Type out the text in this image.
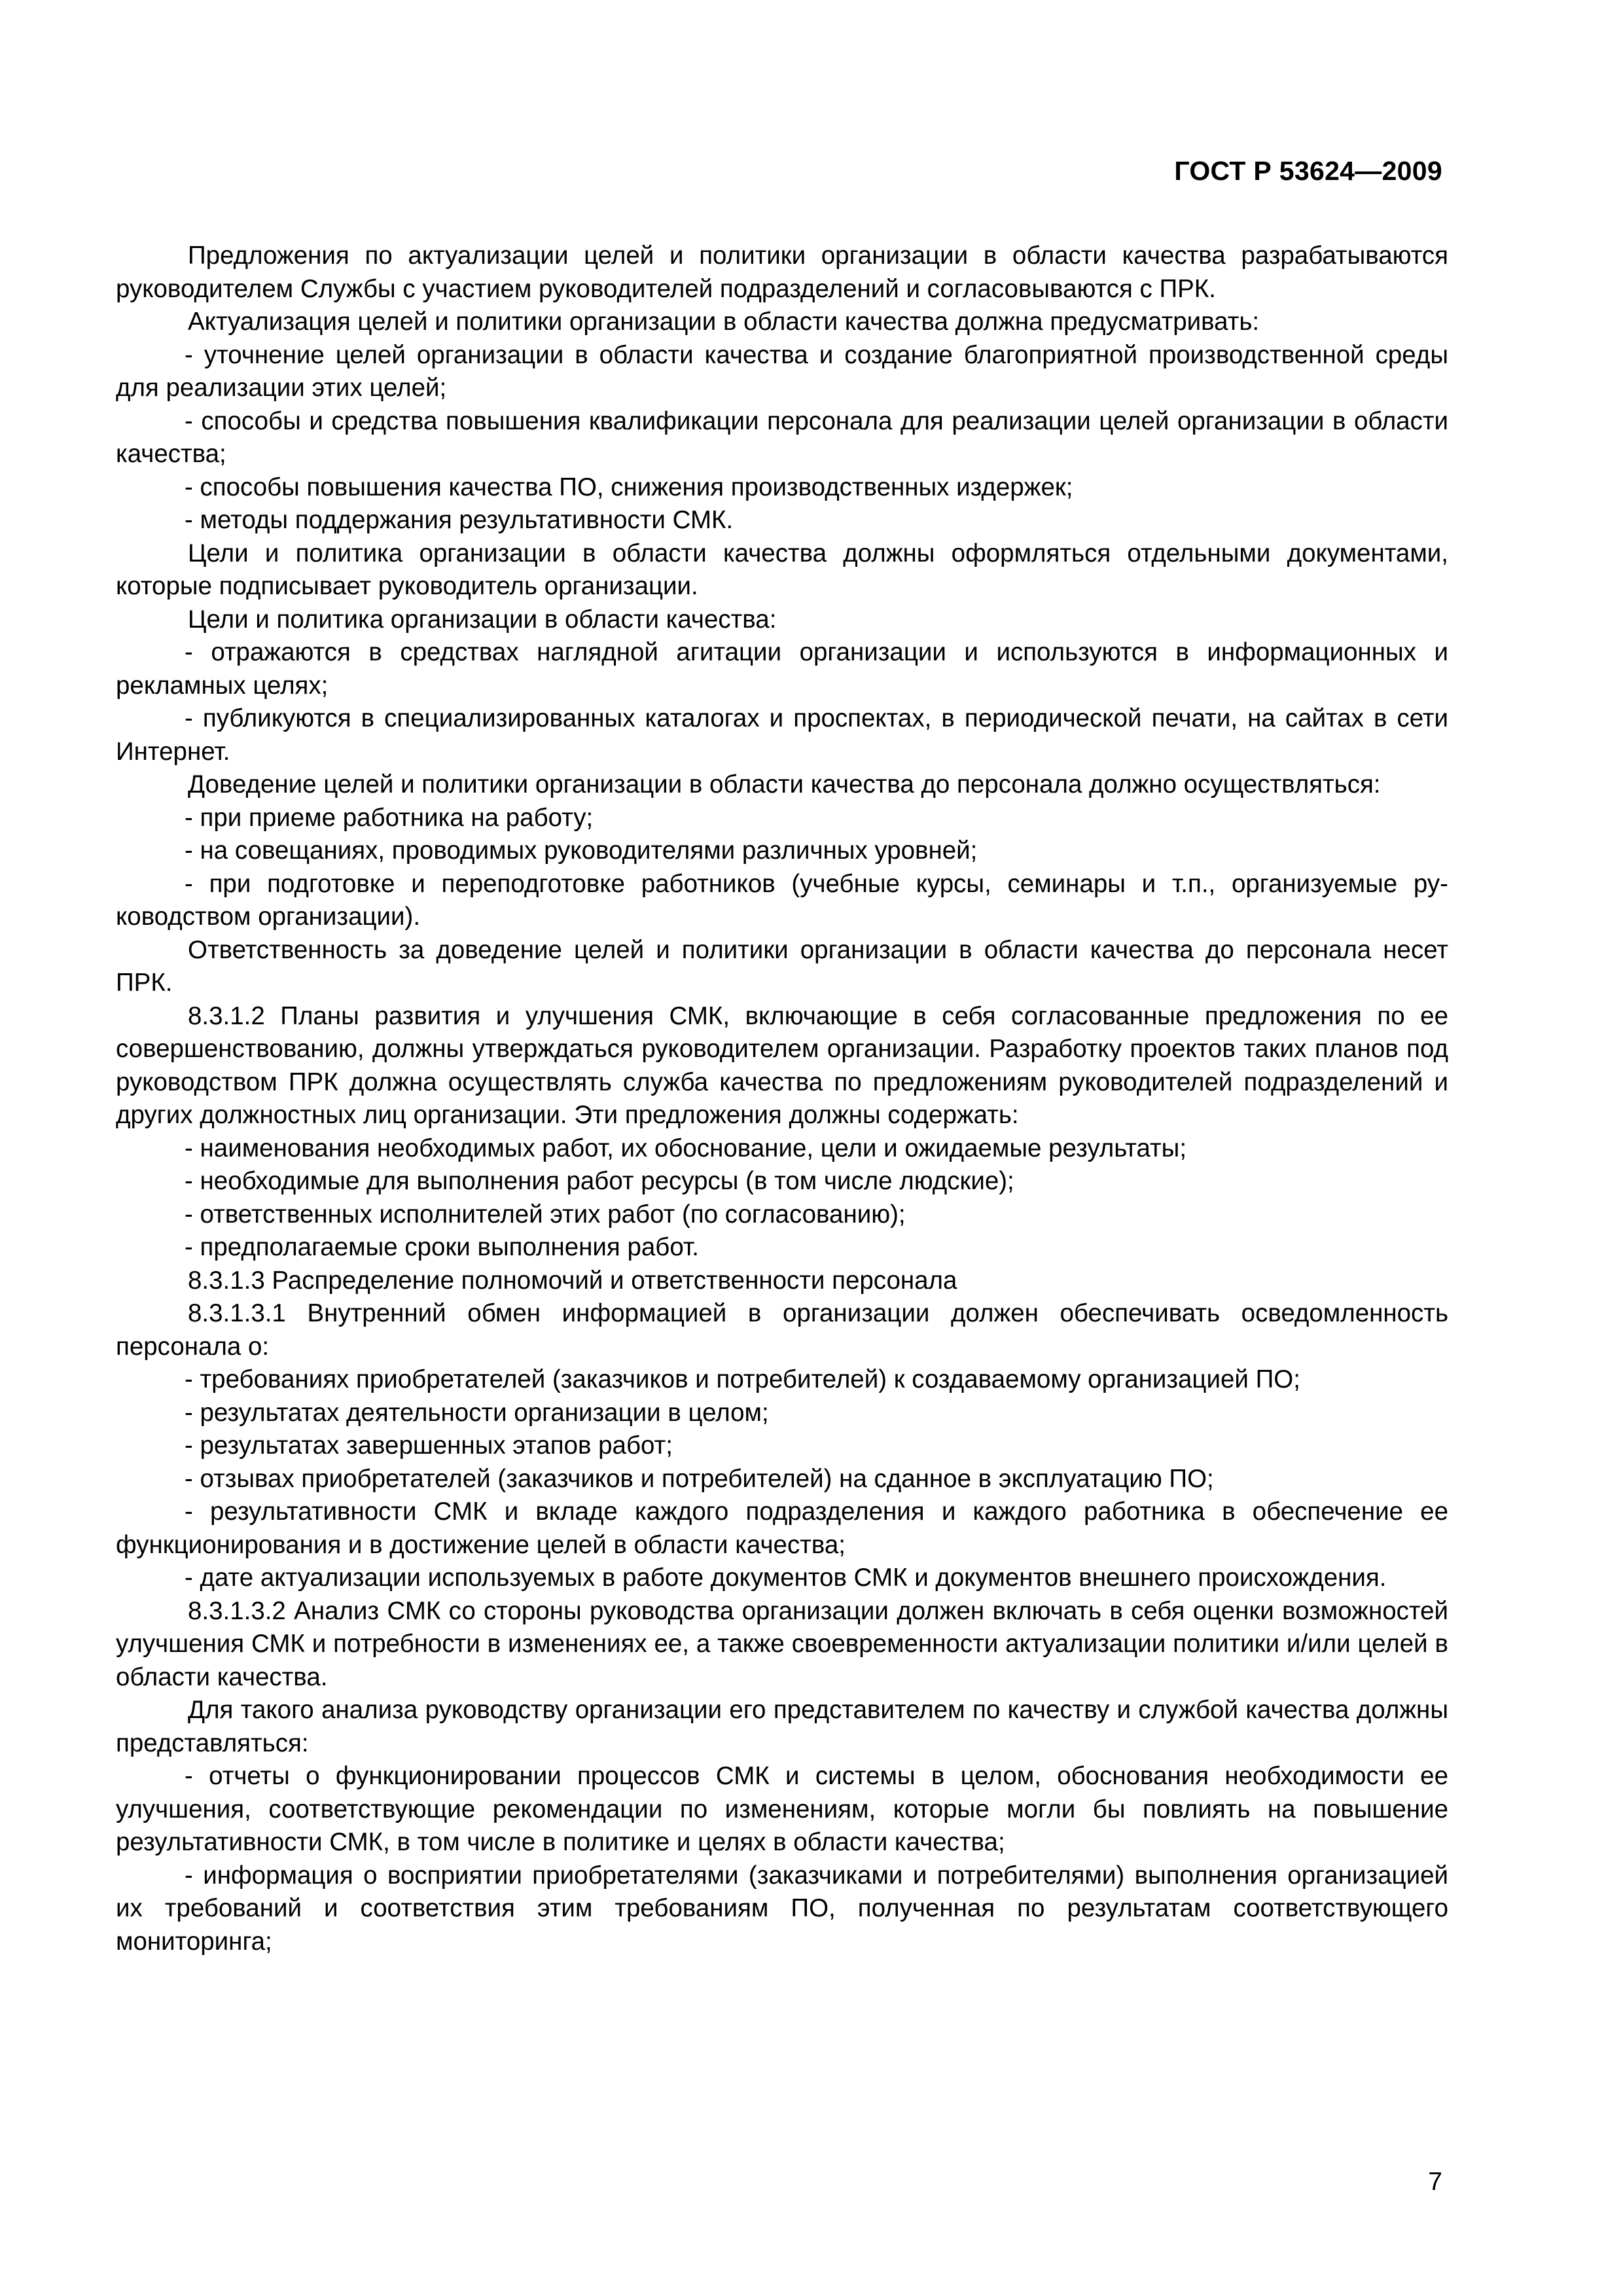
ГОСТ Р 53624—2009

Предложения по актуализации целей и политики организации в области качества разрабатываются руководителем Службы с участием руководителей подразделений и согласовываются с ПРК.

Актуализация целей и политики организации в области качества должна предусматривать:

- уточнение целей организации в области качества и создание благоприятной производственной среды для реализации этих целей;

- способы и средства повышения квалификации персонала для реализации целей организации в области качества;

- способы повышения качества ПО, снижения производственных издержек;

- методы поддержания результативности СМК.

Цели и политика организации в области качества должны оформляться отдельными документами, которые подписывает руководитель организации.

Цели и политика организации в области качества:

- отражаются в средствах наглядной агитации организации и используются в информационных и рекламных целях;

- публикуются в специализированных каталогах и проспектах, в периодической печати, на сайтах в сети Интернет.

Доведение целей и политики организации в области качества до персонала должно осуществляться:

- при приеме работника на работу;

- на совещаниях, проводимых руководителями различных уровней;

- при подготовке и переподготовке работников (учебные курсы, семинары и т.п., организуемые руководством организации).

Ответственность за доведение целей и политики организации в области качества до персонала несет ПРК.

8.3.1.2 Планы развития и улучшения СМК, включающие в себя согласованные предложения по ее совершенствованию, должны утверждаться руководителем организации. Разработку проектов таких планов под руководством ПРК должна осуществлять служба качества по предложениям руководителей подразделений и других должностных лиц организации. Эти предложения должны содержать:

- наименования необходимых работ, их обоснование, цели и ожидаемые результаты;

- необходимые для выполнения работ ресурсы (в том числе людские);

- ответственных исполнителей этих работ (по согласованию);

- предполагаемые сроки выполнения работ.

8.3.1.3 Распределение полномочий и ответственности персонала

8.3.1.3.1 Внутренний обмен информацией в организации должен обеспечивать осведомленность персонала о:

- требованиях приобретателей (заказчиков и потребителей) к создаваемому организацией ПО;

- результатах деятельности организации в целом;

- результатах завершенных этапов работ;

- отзывах приобретателей (заказчиков и потребителей) на сданное в эксплуатацию ПО;

- результативности СМК и вкладе каждого подразделения и каждого работника в обеспечение ее функционирования и в достижение целей в области качества;

- дате актуализации используемых в работе документов СМК и документов внешнего происхождения.

8.3.1.3.2 Анализ СМК со стороны руководства организации должен включать в себя оценки возможностей улучшения СМК и потребности в изменениях ее, а также своевременности актуализации политики и/или целей в области качества.

Для такого анализа руководству организации его представителем по качеству и службой качества должны представляться:

- отчеты о функционировании процессов СМК и системы в целом, обоснования необходимости ее улучшения, соответствующие рекомендации по изменениям, которые могли бы повлиять на повышение результативности СМК, в том числе в политике и целях в области качества;

- информация о восприятии приобретателями (заказчиками и потребителями) выполнения организацией их требований и соответствия этим требованиям ПО, полученная по результатам соответствующего мониторинга;

7
